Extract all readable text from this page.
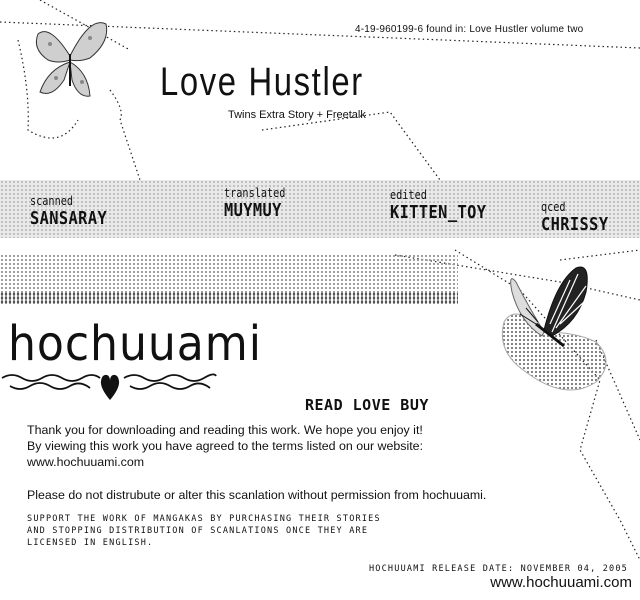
4-19-960199-6 found in: Love Hustler volume two
Love Hustler
Twins Extra Story + Freetalk
scanned
SANSARAY
translated
MUYMUY
edited
KITTEN_TOY	qced
CHRISSY
hochuuami
READ LOVE BUY
Thank you for downloading and reading this work. We hope you enjoy it!
By viewing this work you have agreed to the terms listed on our website:
www.hochuuami.com
Please do not distrubute or alter this scanlation without permission from hochuuami.
SUPPORT THE WORK OF MANGAKAS BY PURCHASING THEIR STORIES
AND STOPPING DISTRIBUTION OF SCANLATIONS ONCE THEY ARE
LICENSED IN ENGLISH.
HOCHUUAMI RELEASE DATE: NOVEMBER 04, 2005
www.hochuuami.com
